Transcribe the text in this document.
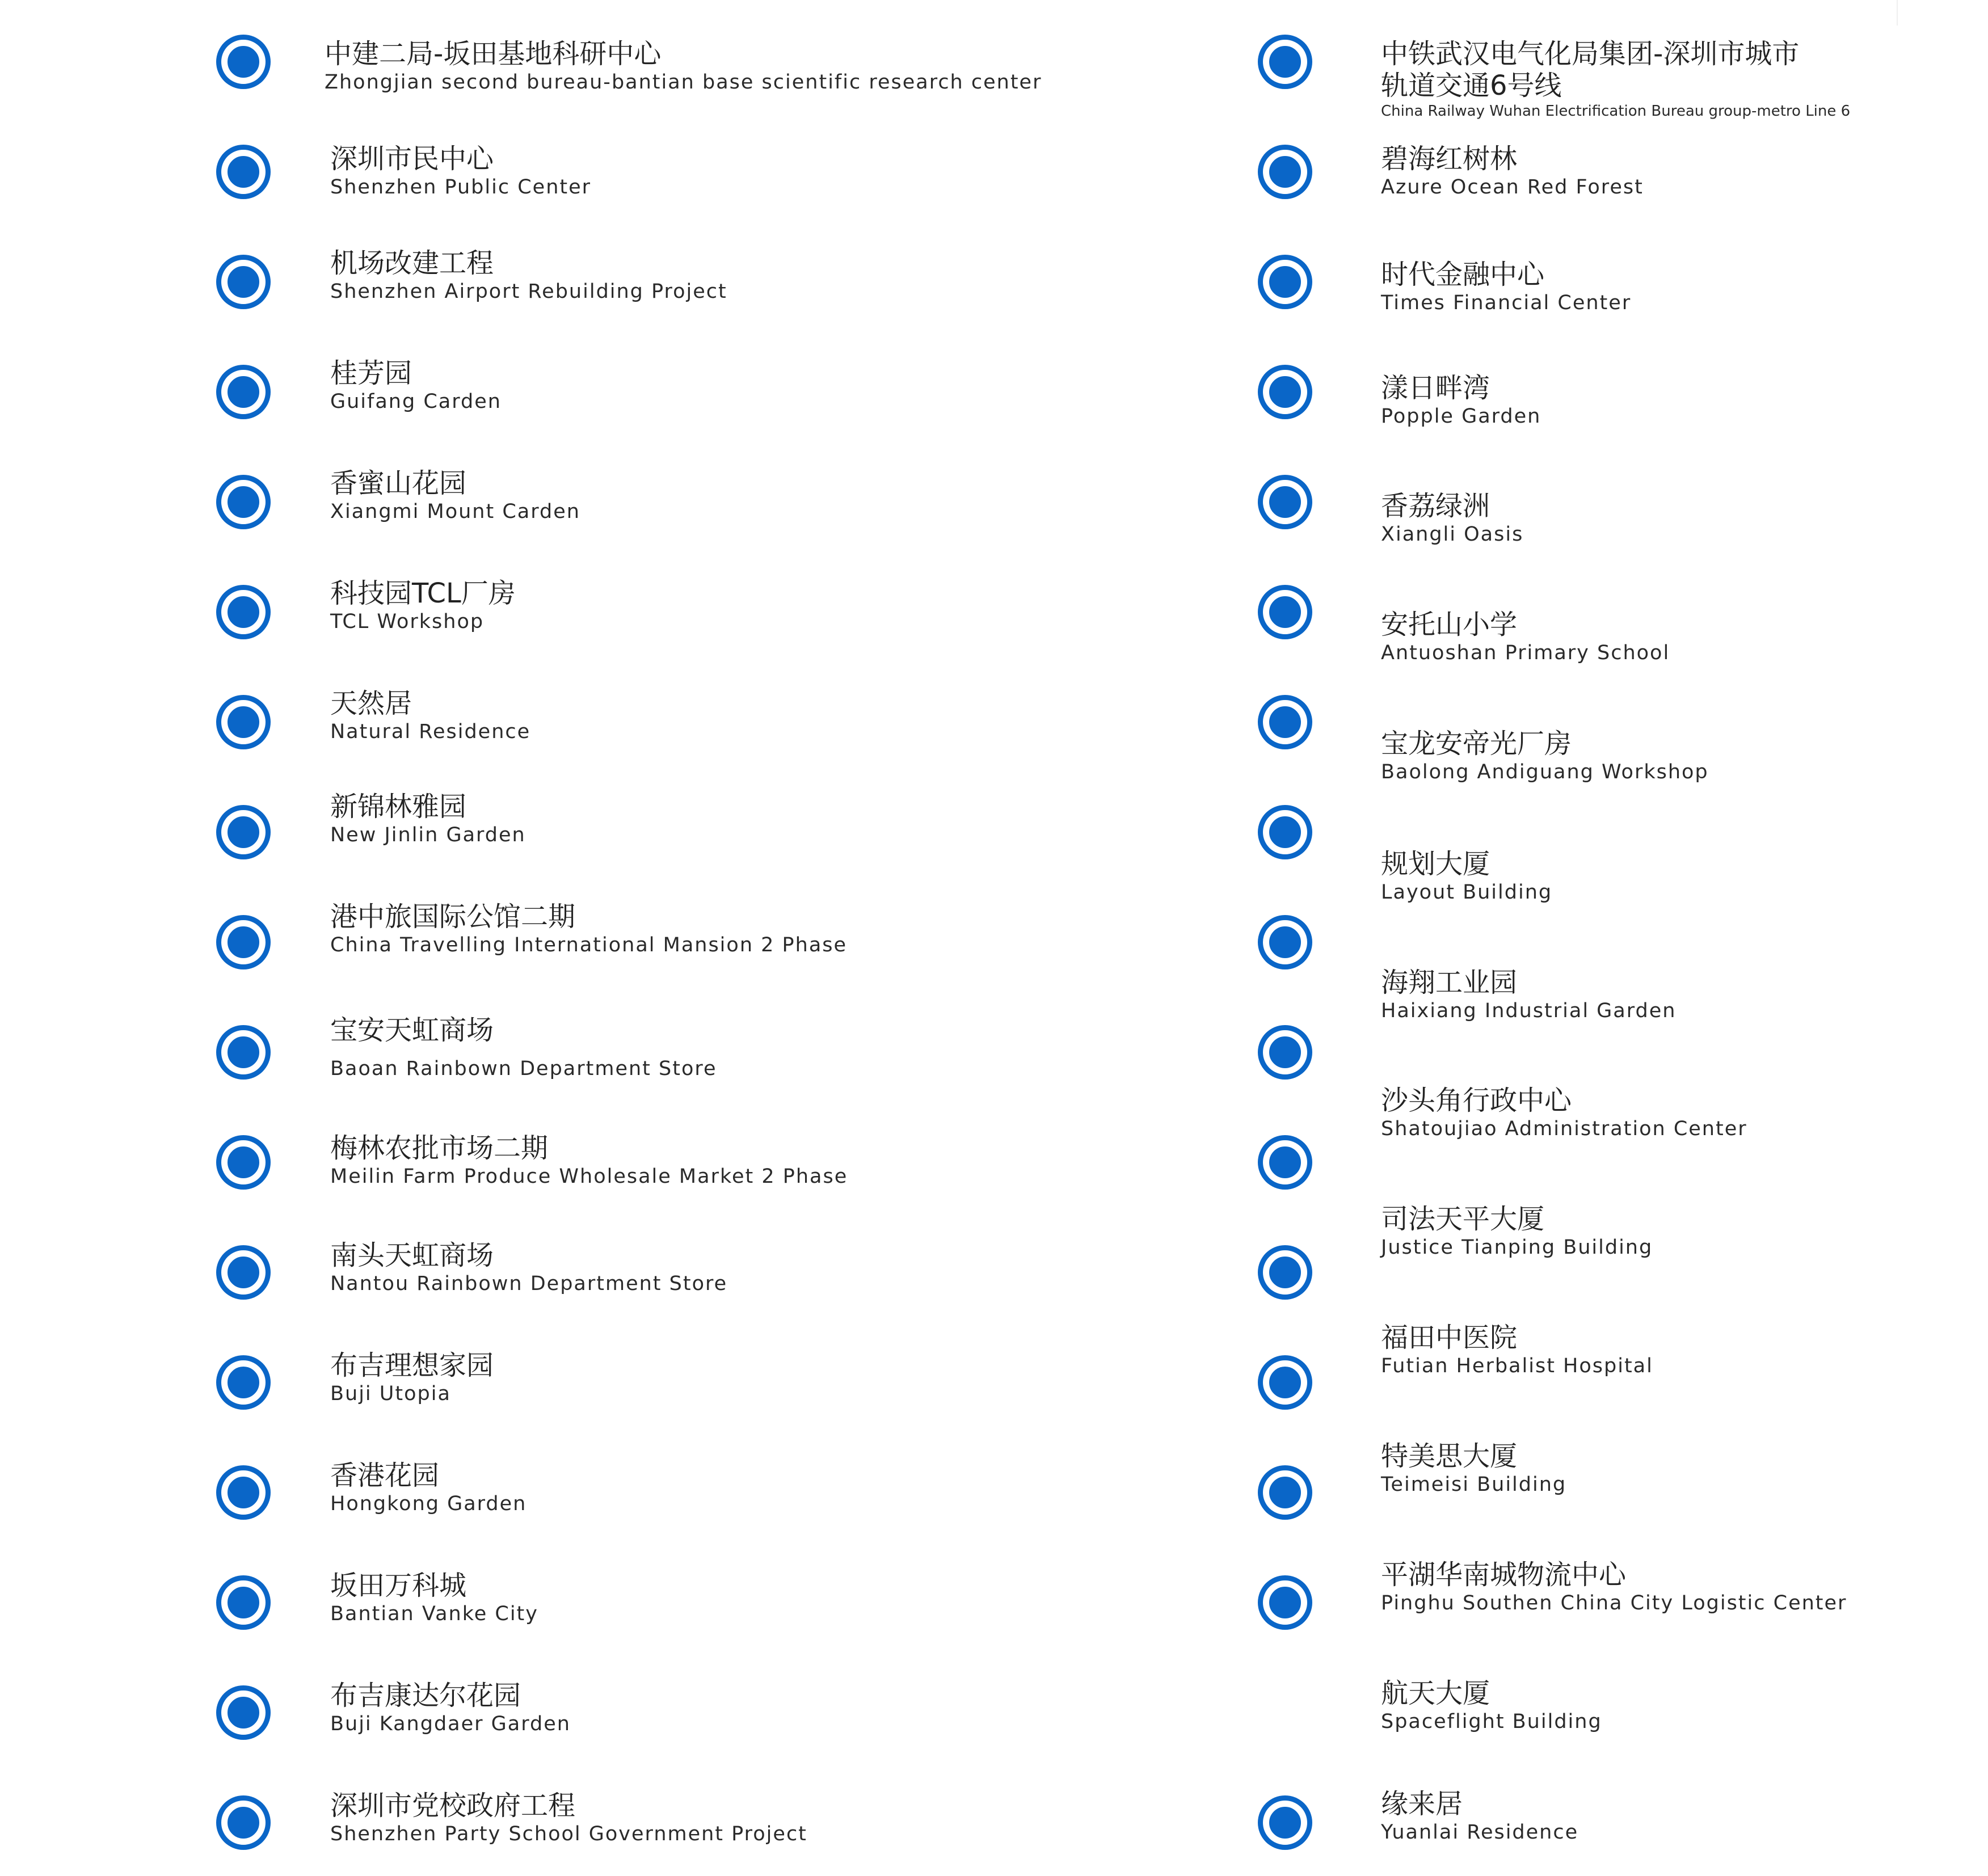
中建二局-坂田基地科研中心
Zhongjian second bureau-bantian base scientific research center
深圳市民中心
Shenzhen Public Center
机场改建工程
Shenzhen Airport Rebuilding Project
桂芳园
Guifang Carden
香蜜山花园
Xiangmi Mount Carden
科技园TCL厂房
TCL Workshop
天然居
Natural Residence
新锦林雅园
New Jinlin Garden
港中旅国际公馆二期
China Travelling International Mansion 2 Phase
宝安天虹商场
Baoan Rainbown Department Store
梅林农批市场二期
Meilin Farm Produce Wholesale Market 2 Phase
南头天虹商场
Nantou Rainbown Department Store
布吉理想家园
Buji Utopia
香港花园
Hongkong Garden
坂田万科城
Bantian Vanke City
布吉康达尔花园
Buji Kangdaer Garden
深圳市党校政府工程
Shenzhen Party School Government Project
中铁武汉电气化局集团-深圳市城市
轨道交通6号线
China Railway Wuhan Electrification Bureau group-metro Line 6
碧海红树林
Azure Ocean Red Forest
时代金融中心
Times Financial Center
漾日畔湾
Popple Garden
香荔绿洲
Xiangli Oasis
安托山小学
Antuoshan Primary School
宝龙安帝光厂房
Baolong Andiguang Workshop
规划大厦
Layout Building
海翔工业园
Haixiang Industrial Garden
沙头角行政中心
Shatoujiao Administration Center
司法天平大厦
Justice Tianping Building
福田中医院
Futian Herbalist Hospital
特美思大厦
Teimeisi Building
平湖华南城物流中心
Pinghu Southen China City Logistic Center
航天大厦
Spaceflight Building
缘来居
Yuanlai Residence
